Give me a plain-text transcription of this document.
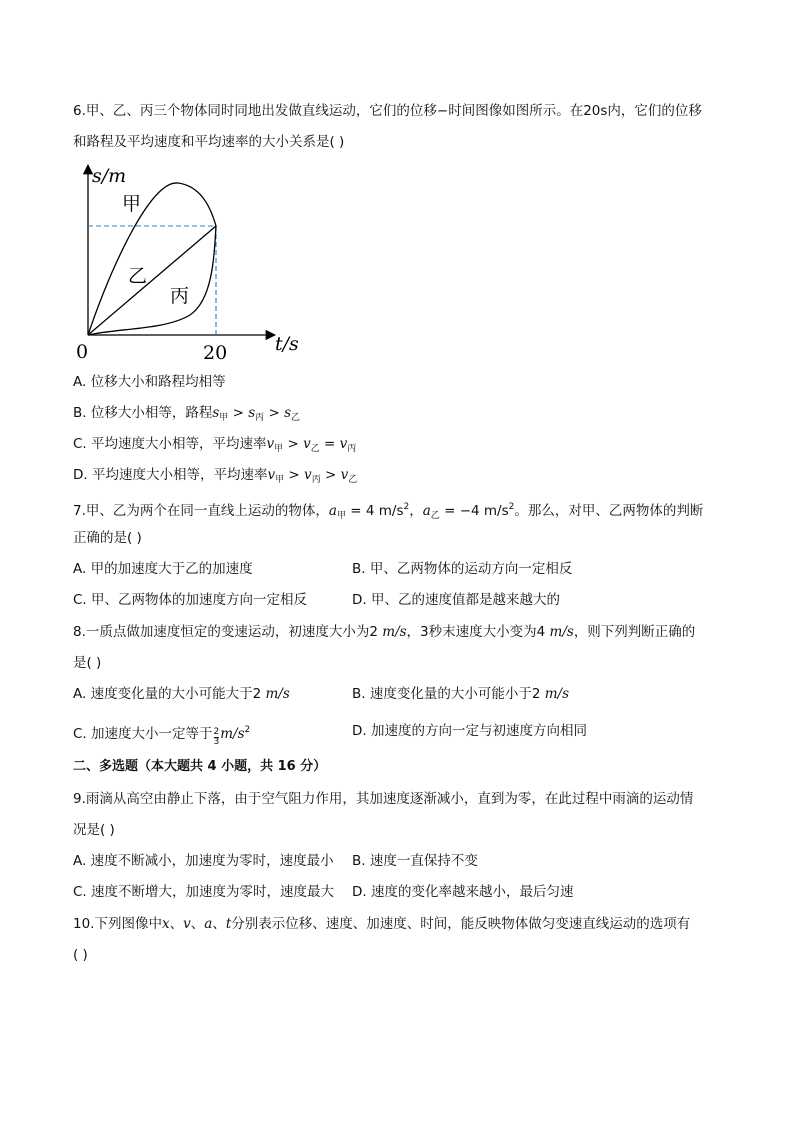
6.甲、乙、丙三个物体同时同地出发做直线运动，它们的位移−时间图像如图所示。在20s内，它们的位移
和路程及平均速度和平均速率的大小关系是( )
s/m
t/s
0	20
甲
乙
丙
A. 位移大小和路程均相等
B. 位移大小相等，路程$s_甲 > s_丙 > s_乙$
C. 平均速度大小相等，平均速率$v_甲 > v_乙 = v_丙$
D. 平均速度大小相等，平均速率$v_甲 > v_丙 > v_乙$
7.甲、乙为两个在同一直线上运动的物体，$a_甲 = 4$ $m/s^2$，$a_乙 = -4$ $m/s^2$。那么，对甲、乙两物体的判断
正确的是( )
A. 甲的加速度大于乙的加速度	B. 甲、乙两物体的运动方向一定相反
C. 甲、乙两物体的加速度方向一定相反	D. 甲、乙的速度值都是越来越大的
8.一质点做加速度恒定的变速运动，初速度大小为2 m/s，3秒末速度大小变为4 m/s，则下列判断正确的
是( )
A. 速度变化量的大小可能大于2 m/s	B. 速度变化量的大小可能小于2 m/s
C. 加速度大小一定等于 $\frac{2}{3} m/s^2$	D. 加速度的方向一定与初速度方向相同
二、多选题（本大题共 4 小题，共 16 分）
9.雨滴从高空由静止下落，由于空气阻力作用，其加速度逐渐减小，直到为零，在此过程中雨滴的运动情
况是( )
A. 速度不断减小，加速度为零时，速度最小 B. 速度一直保持不变
C. 速度不断增大，加速度为零时，速度最大 D. 速度的变化率越来越小，最后匀速
10.下列图像中x、v、a、t分别表示位移、速度、加速度、时间，能反映物体做匀变速直线运动的选项有
( )
